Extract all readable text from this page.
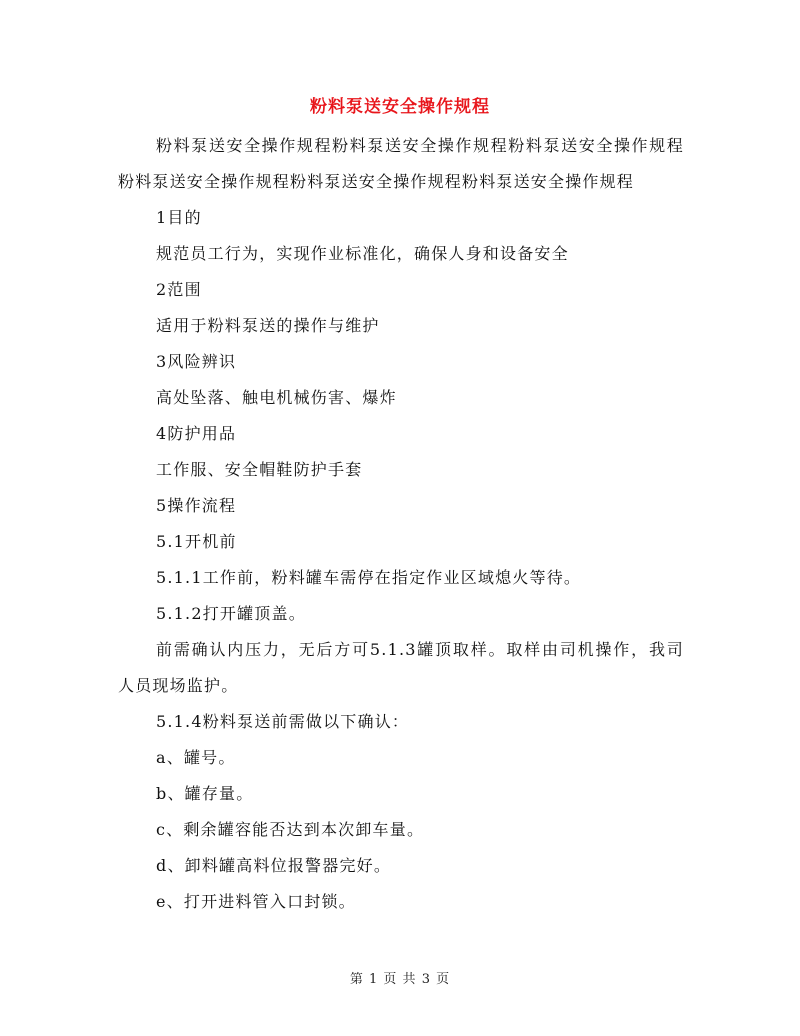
粉料泵送安全操作规程

粉料泵送安全操作规程粉料泵送安全操作规程粉料泵送安全操作规程粉料泵送安全操作规程粉料泵送安全操作规程粉料泵送安全操作规程

1目的

规范员工行为，实现作业标准化，确保人身和设备安全

2范围

适用于粉料泵送的操作与维护

3风险辨识

高处坠落、触电机械伤害、爆炸

4防护用品

工作服、安全帽鞋防护手套

5操作流程

5.1开机前

5.1.1工作前，粉料罐车需停在指定作业区域熄火等待。

5.1.2打开罐顶盖。

前需确认内压力，无后方可5.1.3罐顶取样。取样由司机操作，我司人员现场监护。

5.1.4粉料泵送前需做以下确认：

a、罐号。

b、罐存量。

c、剩余罐容能否达到本次卸车量。

d、卸料罐高料位报警器完好。

e、打开进料管入口封锁。

第 1 页 共 3 页
